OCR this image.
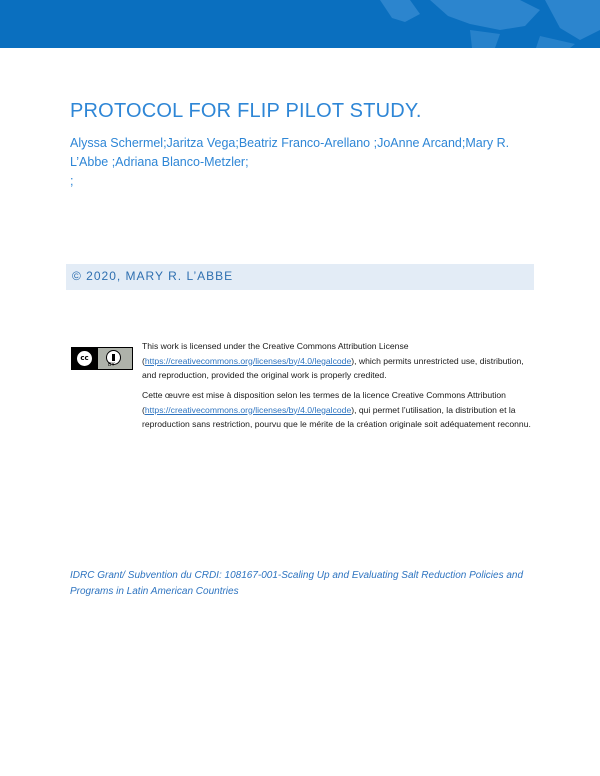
PROTOCOL FOR FLIP PILOT STUDY.
Alyssa Schermel;Jaritza Vega;Beatriz Franco-Arellano ;JoAnne Arcand;Mary R. L’Abbe ;Adriana Blanco-Metzler;
;
© 2020, MARY R. L’ABBE
cc
BY
This work is licensed under the Creative Commons Attribution License (https://creativecommons.org/licenses/by/4.0/legalcode), which permits unrestricted use, distribution, and reproduction, provided the original work is properly credited.
Cette œuvre est mise à disposition selon les termes de la licence Creative Commons Attribution (https://creativecommons.org/licenses/by/4.0/legalcode), qui permet l’utilisation, la distribution et la reproduction sans restriction, pourvu que le mérite de la création originale soit adéquatement reconnu.
IDRC Grant/ Subvention du CRDI: 108167-001-Scaling Up and Evaluating Salt Reduction Policies and Programs in Latin American Countries
